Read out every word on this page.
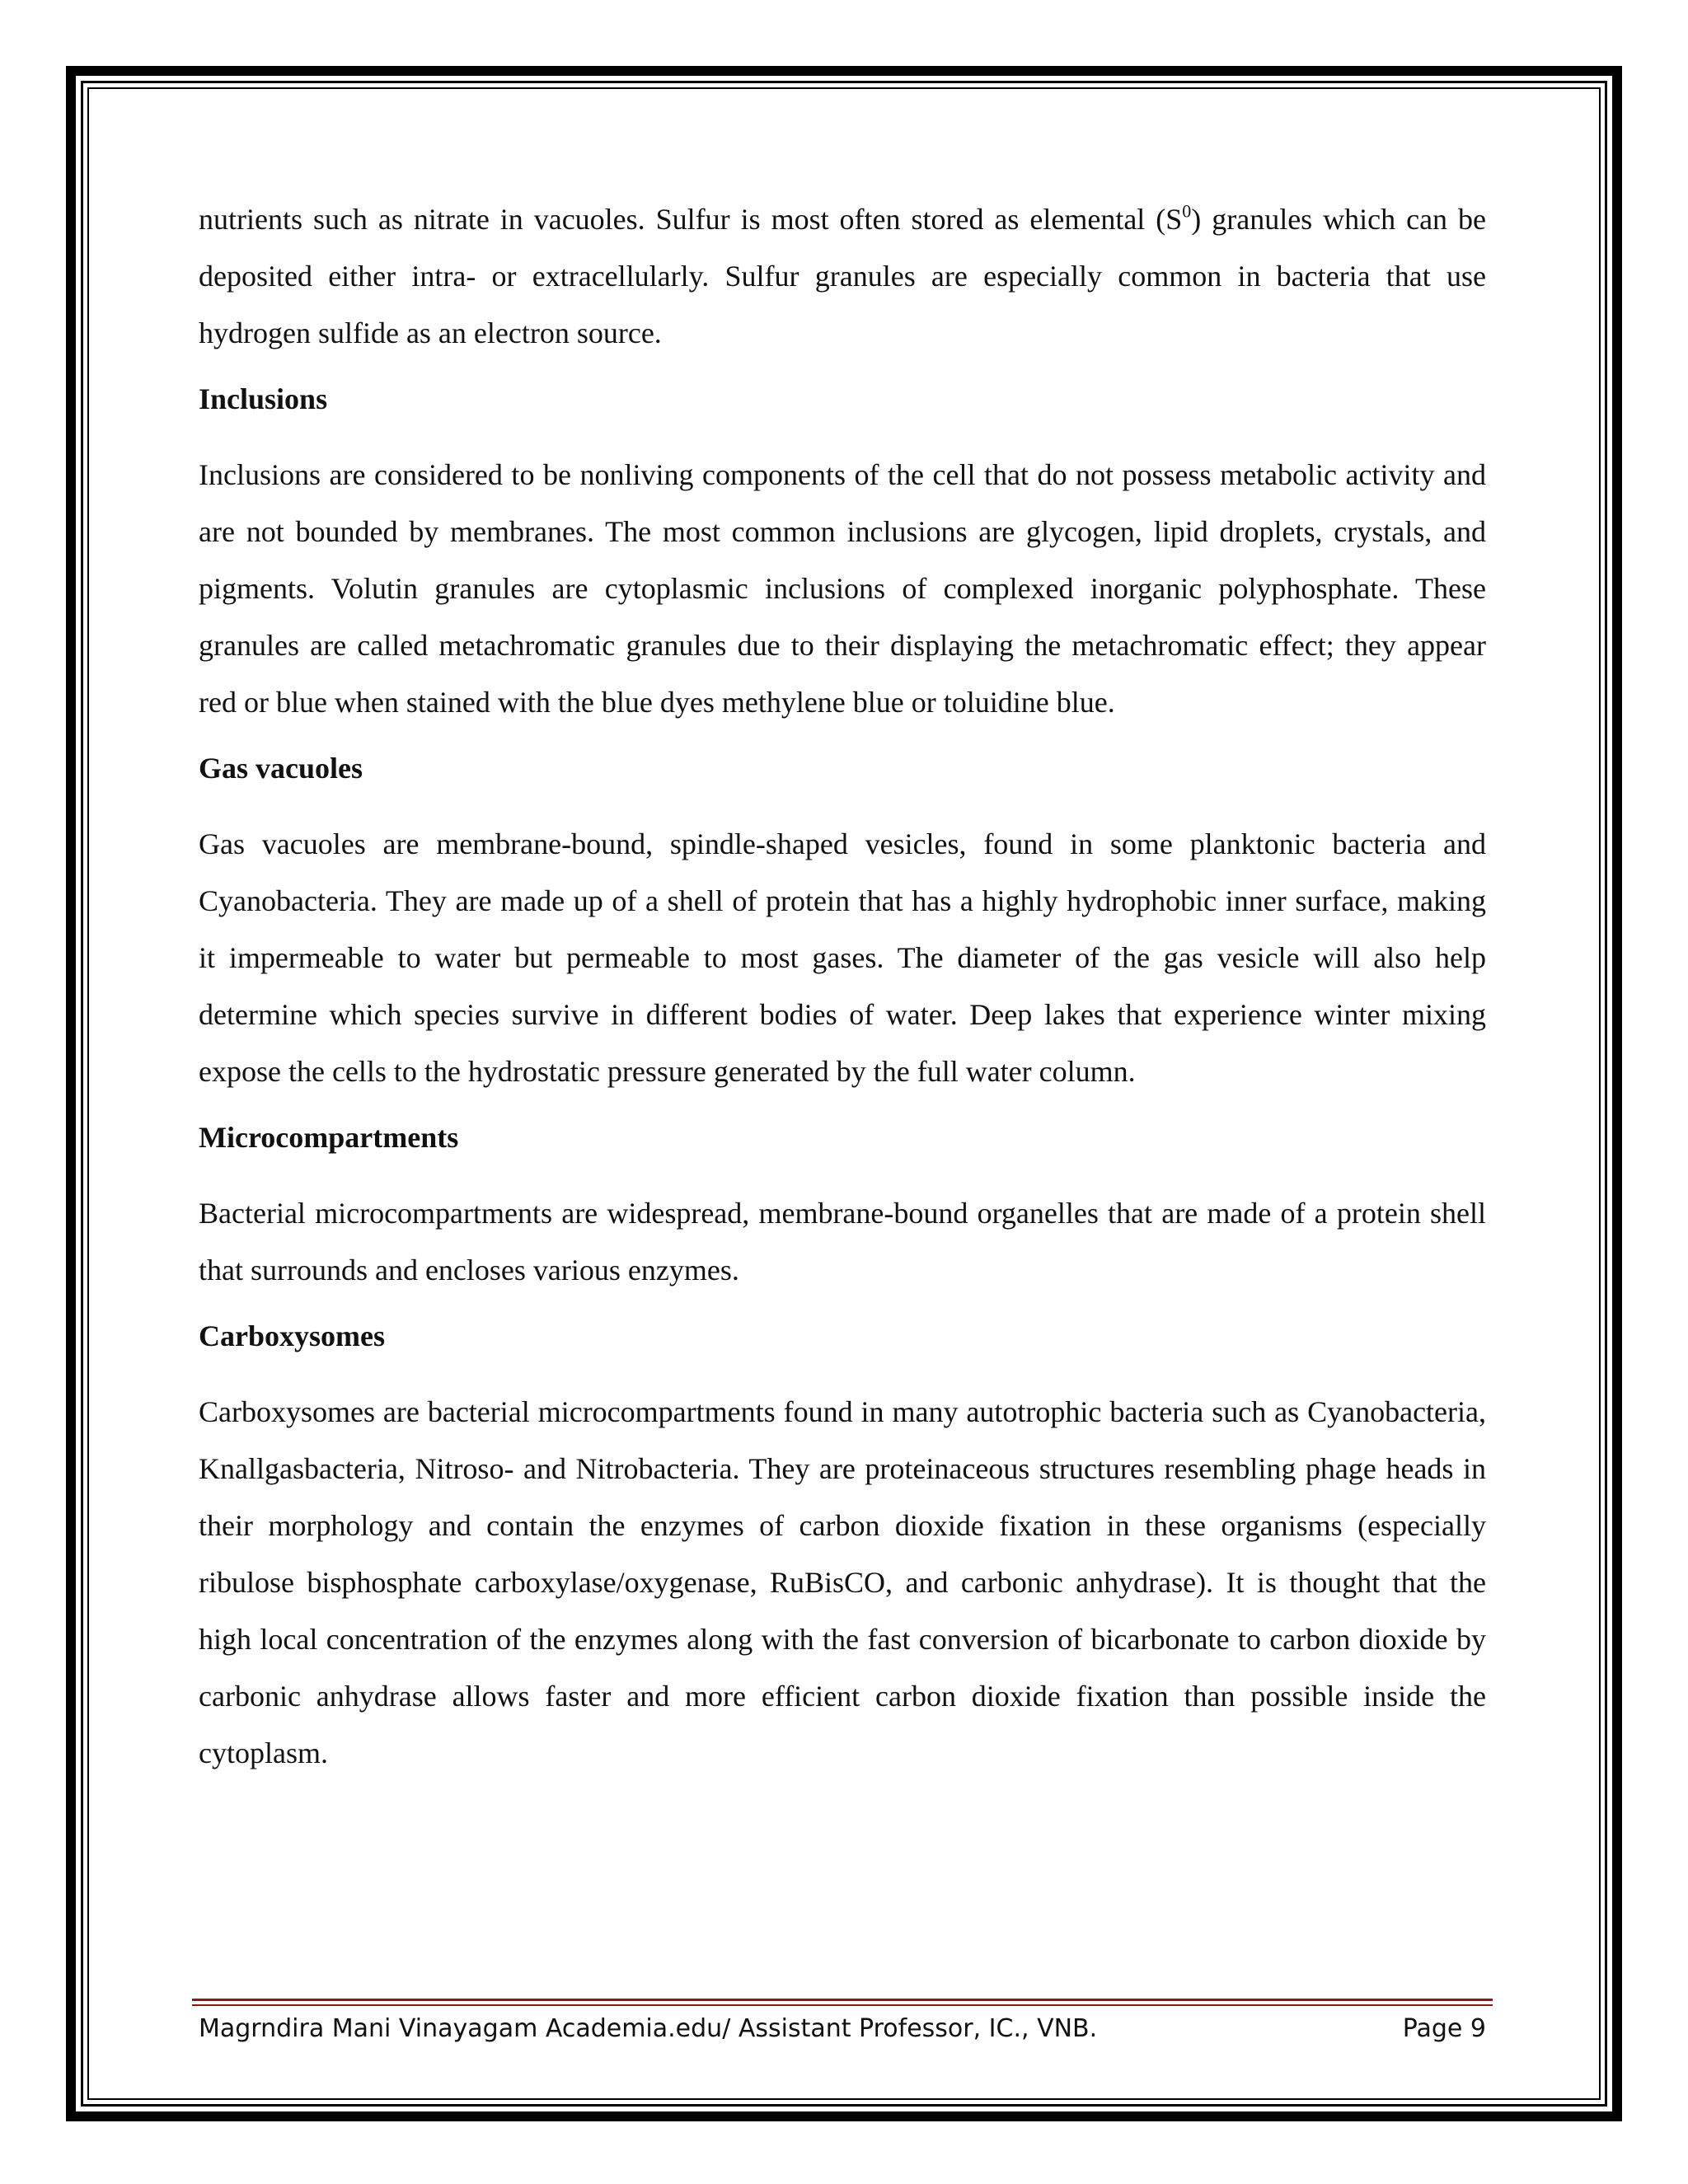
nutrients such as nitrate in vacuoles. Sulfur is most often stored as elemental $(S^0)$ granules which can be deposited either intra- or extracellularly. Sulfur granules are especially common in bacteria that use hydrogen sulfide as an electron source.

Inclusions

Inclusions are considered to be nonliving components of the cell that do not possess metabolic activity and are not bounded by membranes. The most common inclusions are glycogen, lipid droplets, crystals, and pigments. Volutin granules are cytoplasmic inclusions of complexed inorganic polyphosphate. These granules are called metachromatic granules due to their displaying the metachromatic effect; they appear red or blue when stained with the blue dyes methylene blue or toluidine blue.

Gas vacuoles

Gas vacuoles are membrane-bound, spindle-shaped vesicles, found in some planktonic bacteria and Cyanobacteria. They are made up of a shell of protein that has a highly hydrophobic inner surface, making it impermeable to water but permeable to most gases. The diameter of the gas vesicle will also help determine which species survive in different bodies of water. Deep lakes that experience winter mixing expose the cells to the hydrostatic pressure generated by the full water column.

Microcompartments

Bacterial microcompartments are widespread, membrane-bound organelles that are made of a protein shell that surrounds and encloses various enzymes.

Carboxysomes

Carboxysomes are bacterial microcompartments found in many autotrophic bacteria such as Cyanobacteria, Knallgasbacteria, Nitroso- and Nitrobacteria. They are proteinaceous structures resembling phage heads in their morphology and contain the enzymes of carbon dioxide fixation in these organisms (especially ribulose bisphosphate carboxylase/oxygenase, RuBisCO, and carbonic anhydrase). It is thought that the high local concentration of the enzymes along with the fast conversion of bicarbonate to carbon dioxide by carbonic anhydrase allows faster and more efficient carbon dioxide fixation than possible inside the cytoplasm.

Magrndira Mani Vinayagam Academia.edu/ Assistant Professor, IC., VNB.	Page 9
